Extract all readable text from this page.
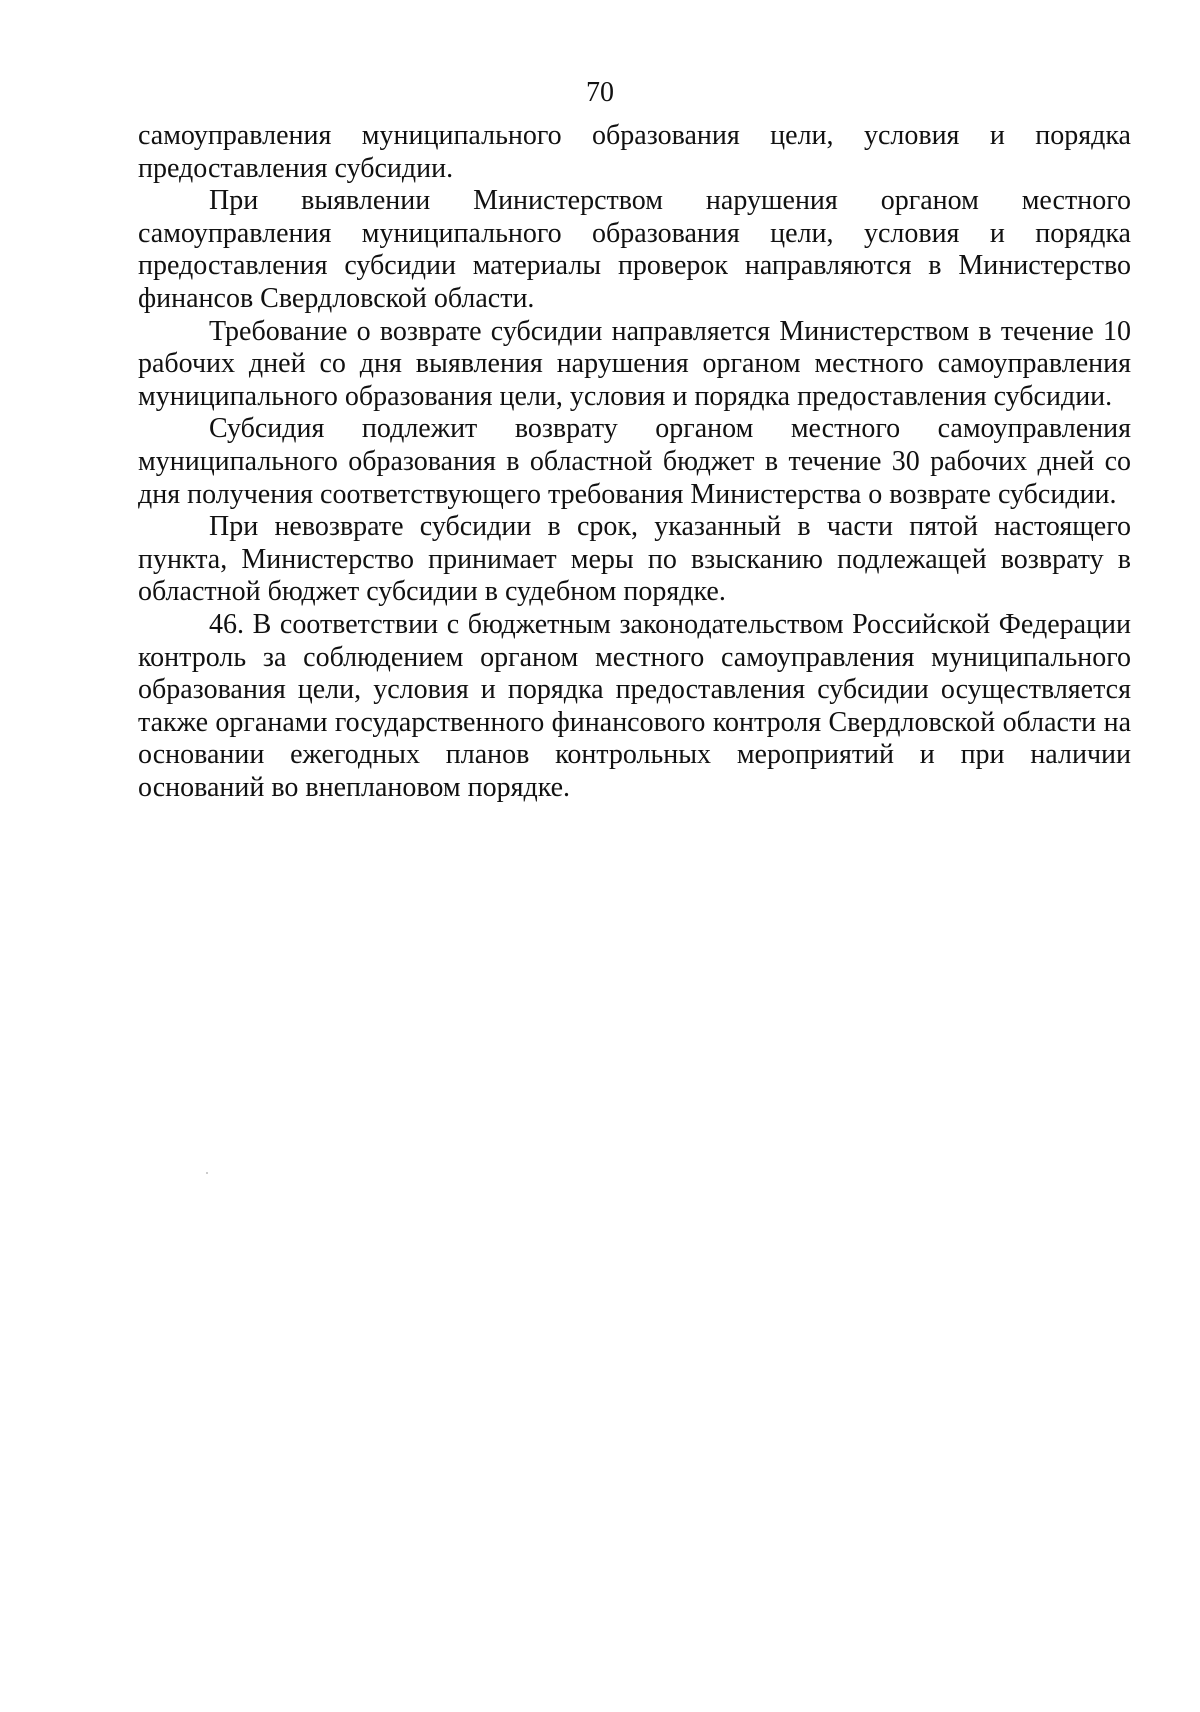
70

самоуправления муниципального образования цели, условия и порядка предоставления субсидии.

При выявлении Министерством нарушения органом местного самоуправления муниципального образования цели, условия и порядка предоставления субсидии материалы проверок направляются в Министерство финансов Свердловской области.

Требование о возврате субсидии направляется Министерством в течение 10 рабочих дней со дня выявления нарушения органом местного самоуправления муниципального образования цели, условия и порядка предоставления субсидии.

Субсидия подлежит возврату органом местного самоуправления муниципального образования в областной бюджет в течение 30 рабочих дней со дня получения соответствующего требования Министерства о возврате субсидии.

При невозврате субсидии в срок, указанный в части пятой настоящего пункта, Министерство принимает меры по взысканию подлежащей возврату в областной бюджет субсидии в судебном порядке.

46. В соответствии с бюджетным законодательством Российской Федерации контроль за соблюдением органом местного самоуправления муниципального образования цели, условия и порядка предоставления субсидии осуществляется также органами государственного финансового контроля Свердловской области на основании ежегодных планов контрольных мероприятий и при наличии оснований во внеплановом порядке.
